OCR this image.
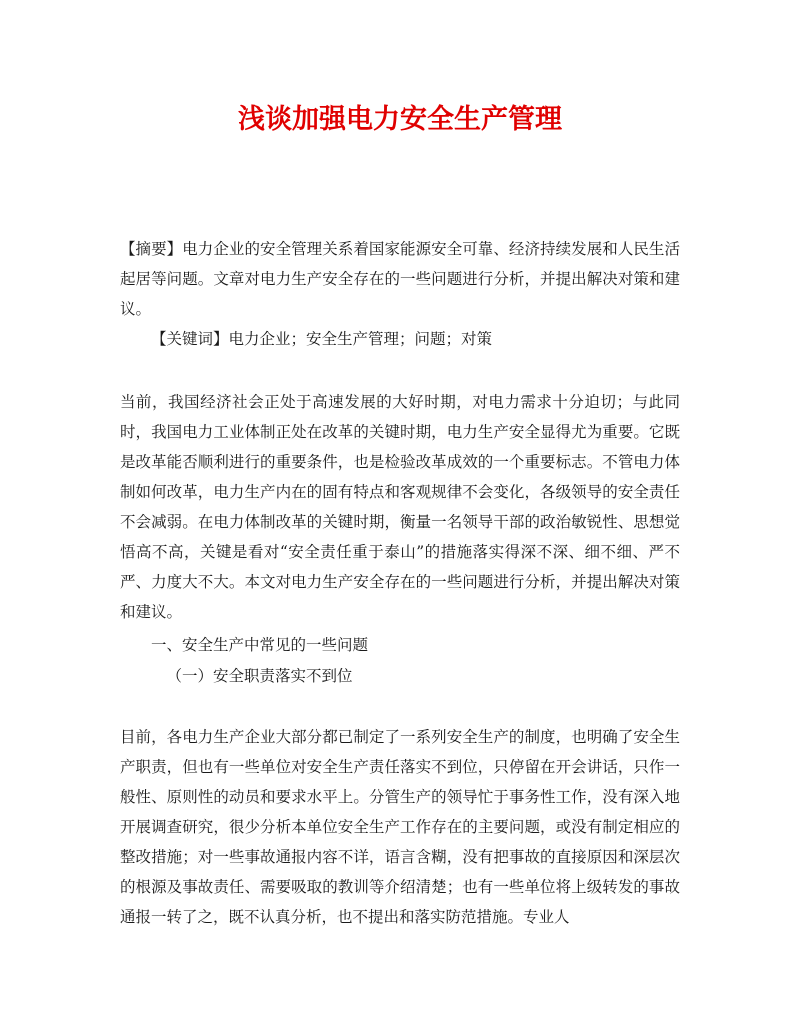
浅谈加强电力安全生产管理

【摘要】电力企业的安全管理关系着国家能源安全可靠、经济持续发展和人民生活起居等问题。文章对电力生产安全存在的一些问题进行分析，并提出解决对策和建议。

【关键词】电力企业；安全生产管理；问题；对策

当前，我国经济社会正处于高速发展的大好时期，对电力需求十分迫切；与此同时，我国电力工业体制正处在改革的关键时期，电力生产安全显得尤为重要。它既是改革能否顺利进行的重要条件，也是检验改革成效的一个重要标志。不管电力体制如何改革，电力生产内在的固有特点和客观规律不会变化，各级领导的安全责任不会减弱。在电力体制改革的关键时期，衡量一名领导干部的政治敏锐性、思想觉悟高不高，关键是看对“安全责任重于泰山”的措施落实得深不深、细不细、严不严、力度大不大。本文对电力生产安全存在的一些问题进行分析，并提出解决对策和建议。

一、安全生产中常见的一些问题

（一）安全职责落实不到位

目前，各电力生产企业大部分都已制定了一系列安全生产的制度，也明确了安全生产职责，但也有一些单位对安全生产责任落实不到位，只停留在开会讲话，只作一般性、原则性的动员和要求水平上。分管生产的领导忙于事务性工作，没有深入地开展调查研究，很少分析本单位安全生产工作存在的主要问题，或没有制定相应的整改措施；对一些事故通报内容不详，语言含糊，没有把事故的直接原因和深层次的根源及事故责任、需要吸取的教训等介绍清楚；也有一些单位将上级转发的事故通报一转了之，既不认真分析，也不提出和落实防范措施。专业人
